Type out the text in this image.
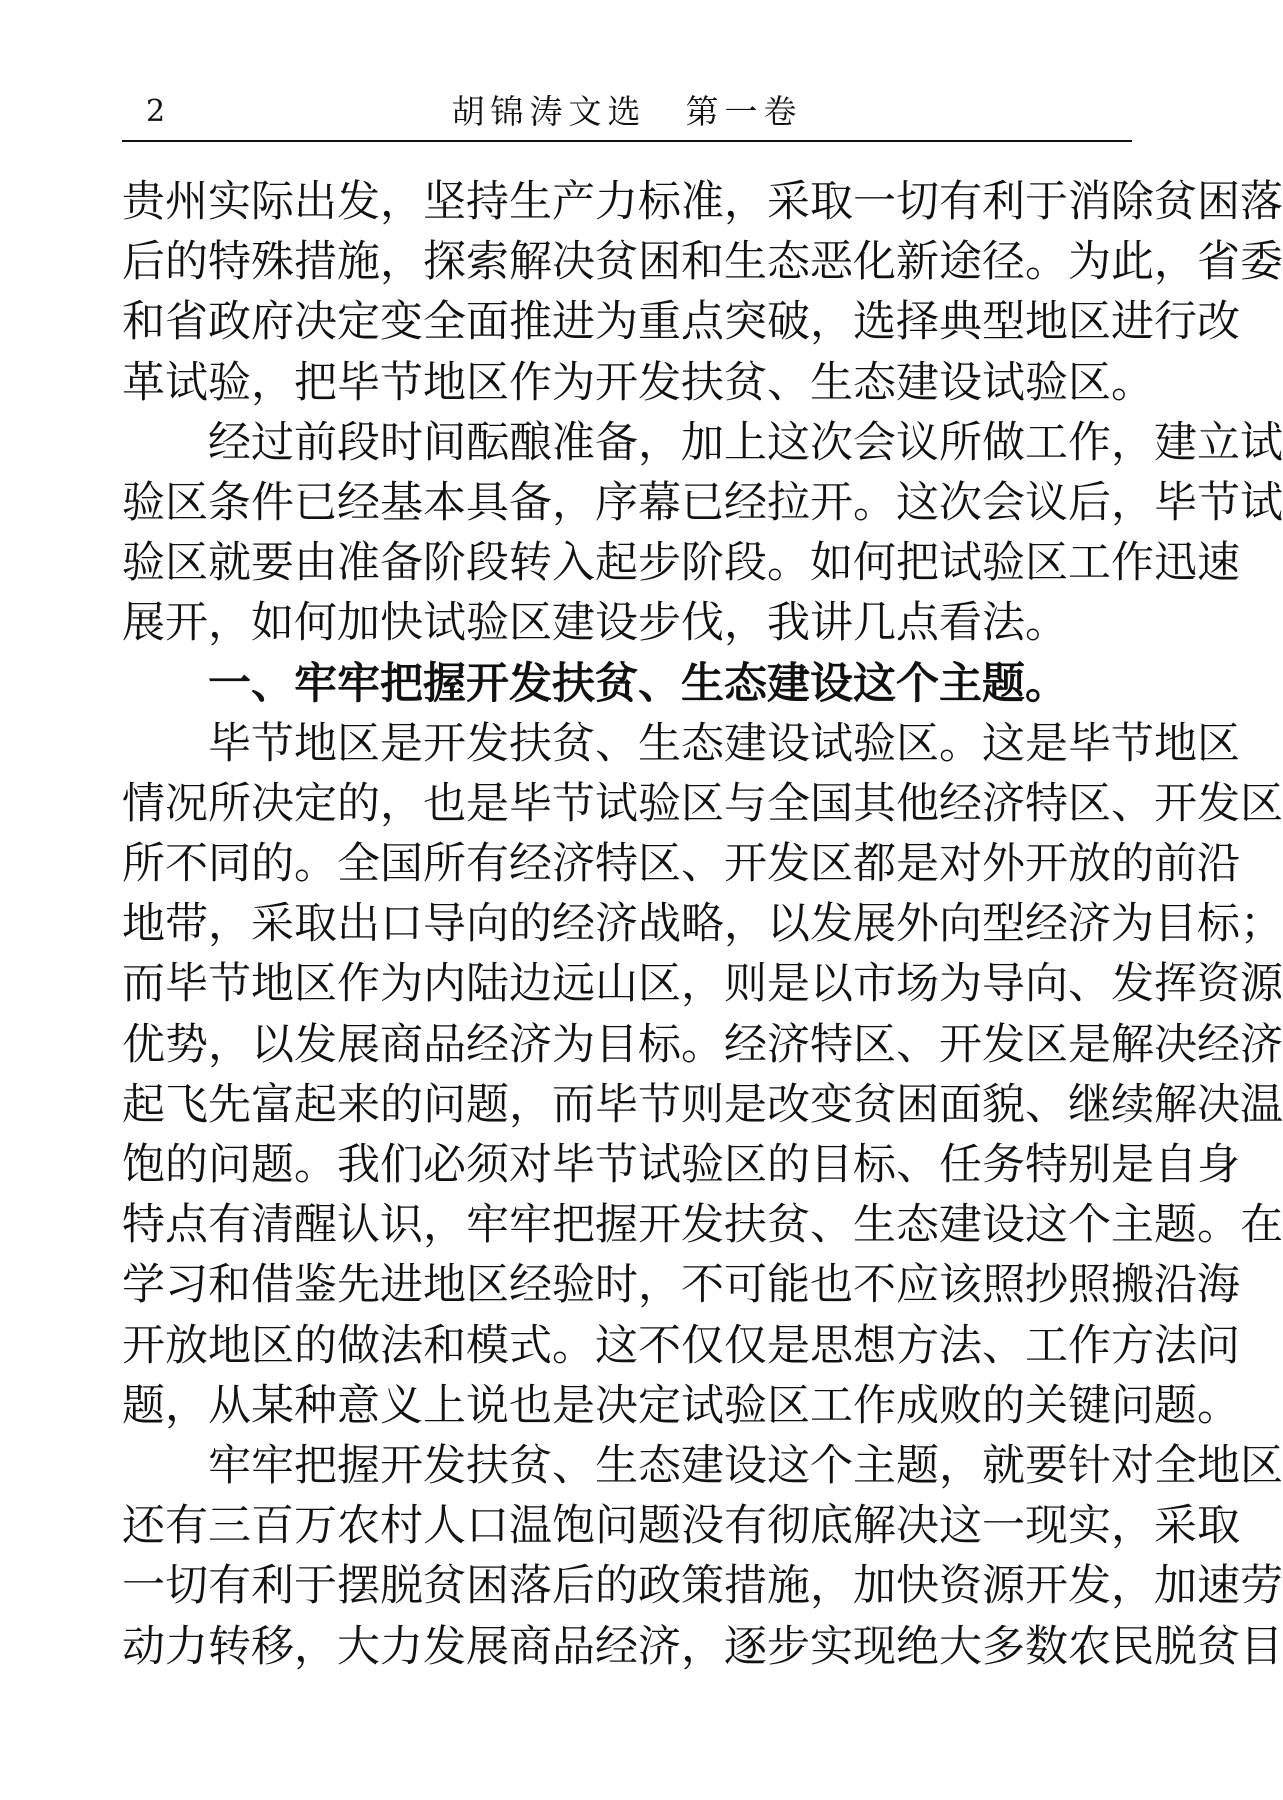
2	胡锦涛文选　第一卷
贵州实际出发，坚持生产力标准，采取一切有利于消除贫困落
后的特殊措施，探索解决贫困和生态恶化新途径。为此，省委
和省政府决定变全面推进为重点突破，选择典型地区进行改
革试验，把毕节地区作为开发扶贫、生态建设试验区。
经过前段时间酝酿准备，加上这次会议所做工作，建立试
验区条件已经基本具备，序幕已经拉开。这次会议后，毕节试
验区就要由准备阶段转入起步阶段。如何把试验区工作迅速
展开，如何加快试验区建设步伐，我讲几点看法。
一、牢牢把握开发扶贫、生态建设这个主题。
毕节地区是开发扶贫、生态建设试验区。这是毕节地区
情况所决定的，也是毕节试验区与全国其他经济特区、开发区
所不同的。全国所有经济特区、开发区都是对外开放的前沿
地带，采取出口导向的经济战略，以发展外向型经济为目标；
而毕节地区作为内陆边远山区，则是以市场为导向、发挥资源
优势，以发展商品经济为目标。经济特区、开发区是解决经济
起飞先富起来的问题，而毕节则是改变贫困面貌、继续解决温
饱的问题。我们必须对毕节试验区的目标、任务特别是自身
特点有清醒认识，牢牢把握开发扶贫、生态建设这个主题。在
学习和借鉴先进地区经验时，不可能也不应该照抄照搬沿海
开放地区的做法和模式。这不仅仅是思想方法、工作方法问
题，从某种意义上说也是决定试验区工作成败的关键问题。
牢牢把握开发扶贫、生态建设这个主题，就要针对全地区
还有三百万农村人口温饱问题没有彻底解决这一现实，采取
一切有利于摆脱贫困落后的政策措施，加快资源开发，加速劳
动力转移，大力发展商品经济，逐步实现绝大多数农民脱贫目
